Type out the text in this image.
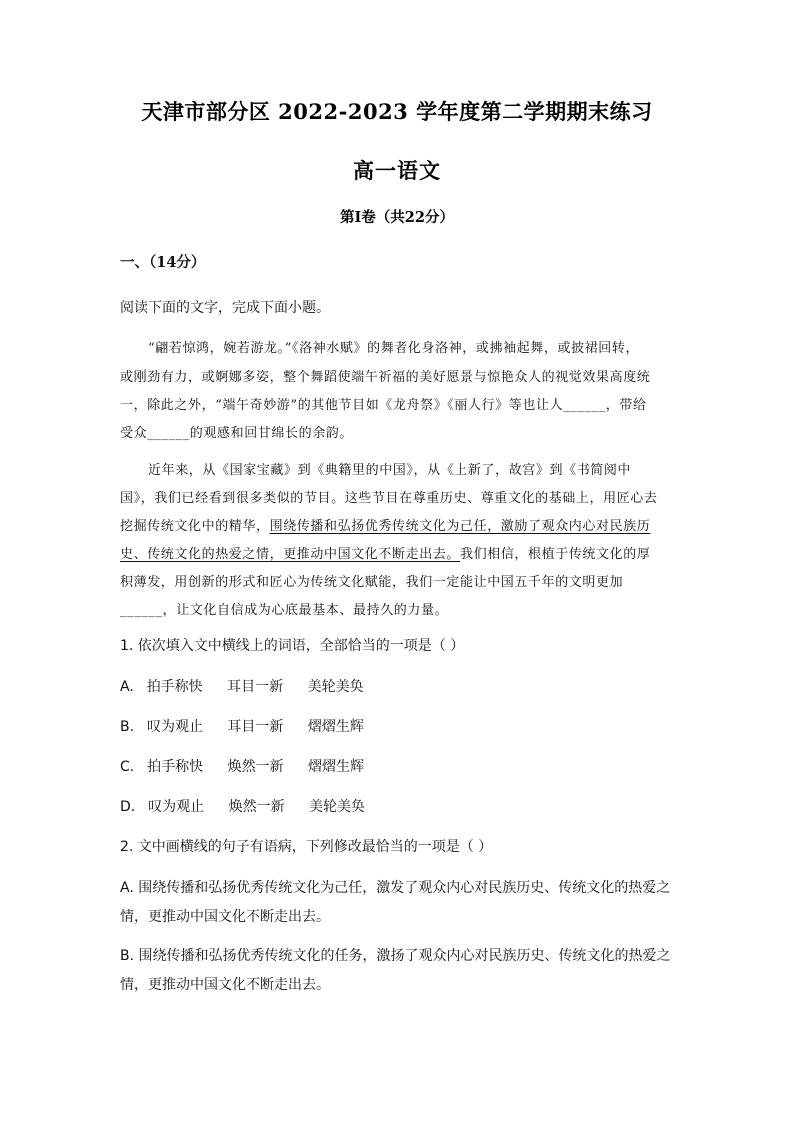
天津市部分区 2022-2023 学年度第二学期期末练习
高一语文
第Ⅰ卷（共22分）
一、（14分）
阅读下面的文字，完成下面小题。
“翩若惊鸿，婉若游龙。”《洛神水赋》的舞者化身洛神，或拂袖起舞，或披裙回转，
或刚劲有力，或婀娜多姿，整个舞蹈使端午祈福的美好愿景与惊艳众人的视觉效果高度统
一，除此之外，“端午奇妙游”的其他节目如《龙舟祭》《丽人行》等也让人______，带给
受众______的观感和回甘绵长的余韵。
近年来，从《国家宝藏》到《典籍里的中国》，从《上新了，故宫》到《书简阅中
国》，我们已经看到很多类似的节目。这些节目在尊重历史、尊重文化的基础上，用匠心去
挖掘传统文化中的精华，围绕传播和弘扬优秀传统文化为己任，激励了观众内心对民族历
史、传统文化的热爱之情，更推动中国文化不断走出去。我们相信，根植于传统文化的厚
积薄发，用创新的形式和匠心为传统文化赋能，我们一定能让中国五千年的文明更加
______，让文化自信成为心底最基本、最持久的力量。
1. 依次填入文中横线上的词语，全部恰当的一项是（ ）
A. 拍手称快 耳目一新 美轮美奂
B. 叹为观止 耳目一新 熠熠生辉
C. 拍手称快 焕然一新 熠熠生辉
D. 叹为观止 焕然一新 美轮美奂
2. 文中画横线的句子有语病，下列修改最恰当的一项是（ ）
A. 围绕传播和弘扬优秀传统文化为己任，激发了观众内心对民族历史、传统文化的热爱之
情，更推动中国文化不断走出去。
B. 围绕传播和弘扬优秀传统文化的任务，激扬了观众内心对民族历史、传统文化的热爱之
情，更推动中国文化不断走出去。
